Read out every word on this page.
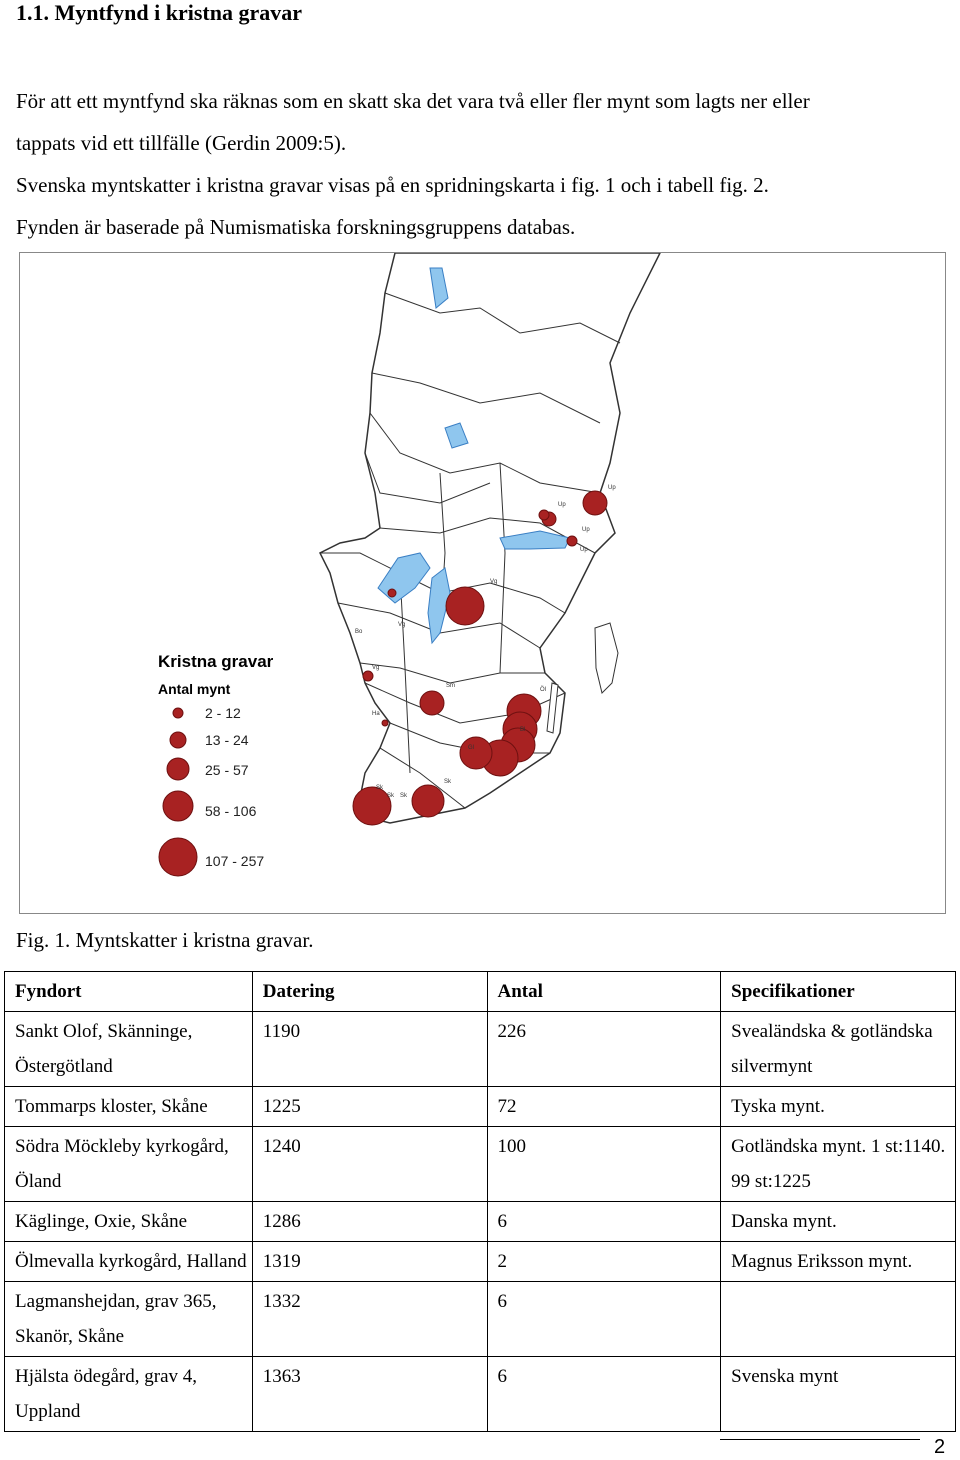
1.1. Myntfynd i kristna gravar

För att ett myntfynd ska räknas som en skatt ska det vara två eller fler mynt som lagts ner eller

tappats vid ett tillfälle (Gerdin 2009:5).

Svenska myntskatter i kristna gravar visas på en spridningskarta i fig. 1 och i tabell fig. 2.

Fynden är baserade på Numismatiska forskningsgruppens databas.

Up
Up
Up
Up
Vg
Vg
Vg
Bo
Sm
Ha
Öl
Bl
Sk
Sk Sk
Sk
Gl
Kristna gravar
Antal mynt
2 - 12
13 - 24
25 - 57
58 - 106
107 - 257
Fig. 1. Myntskatter i kristna gravar.
Fyndort	Datering	Antal	Specifikationer
Sankt Olof, Skänninge, Östergötland	1190	226	Svealändska & gotländska silvermynt
Tommarps kloster, Skåne	1225	72	Tyska mynt.
Södra Möckleby kyrkogård, Öland	1240	100	Gotländska mynt. 1 st:1140. 99 st:1225
Käglinge, Oxie, Skåne	1286	6	Danska mynt.
Ölmevalla kyrkogård, Halland	1319	2	Magnus Eriksson mynt.
Lagmanshejdan, grav 365, Skanör, Skåne	1332	6	
Hjälsta ödegård, grav 4, Uppland	1363	6	Svenska mynt
2
